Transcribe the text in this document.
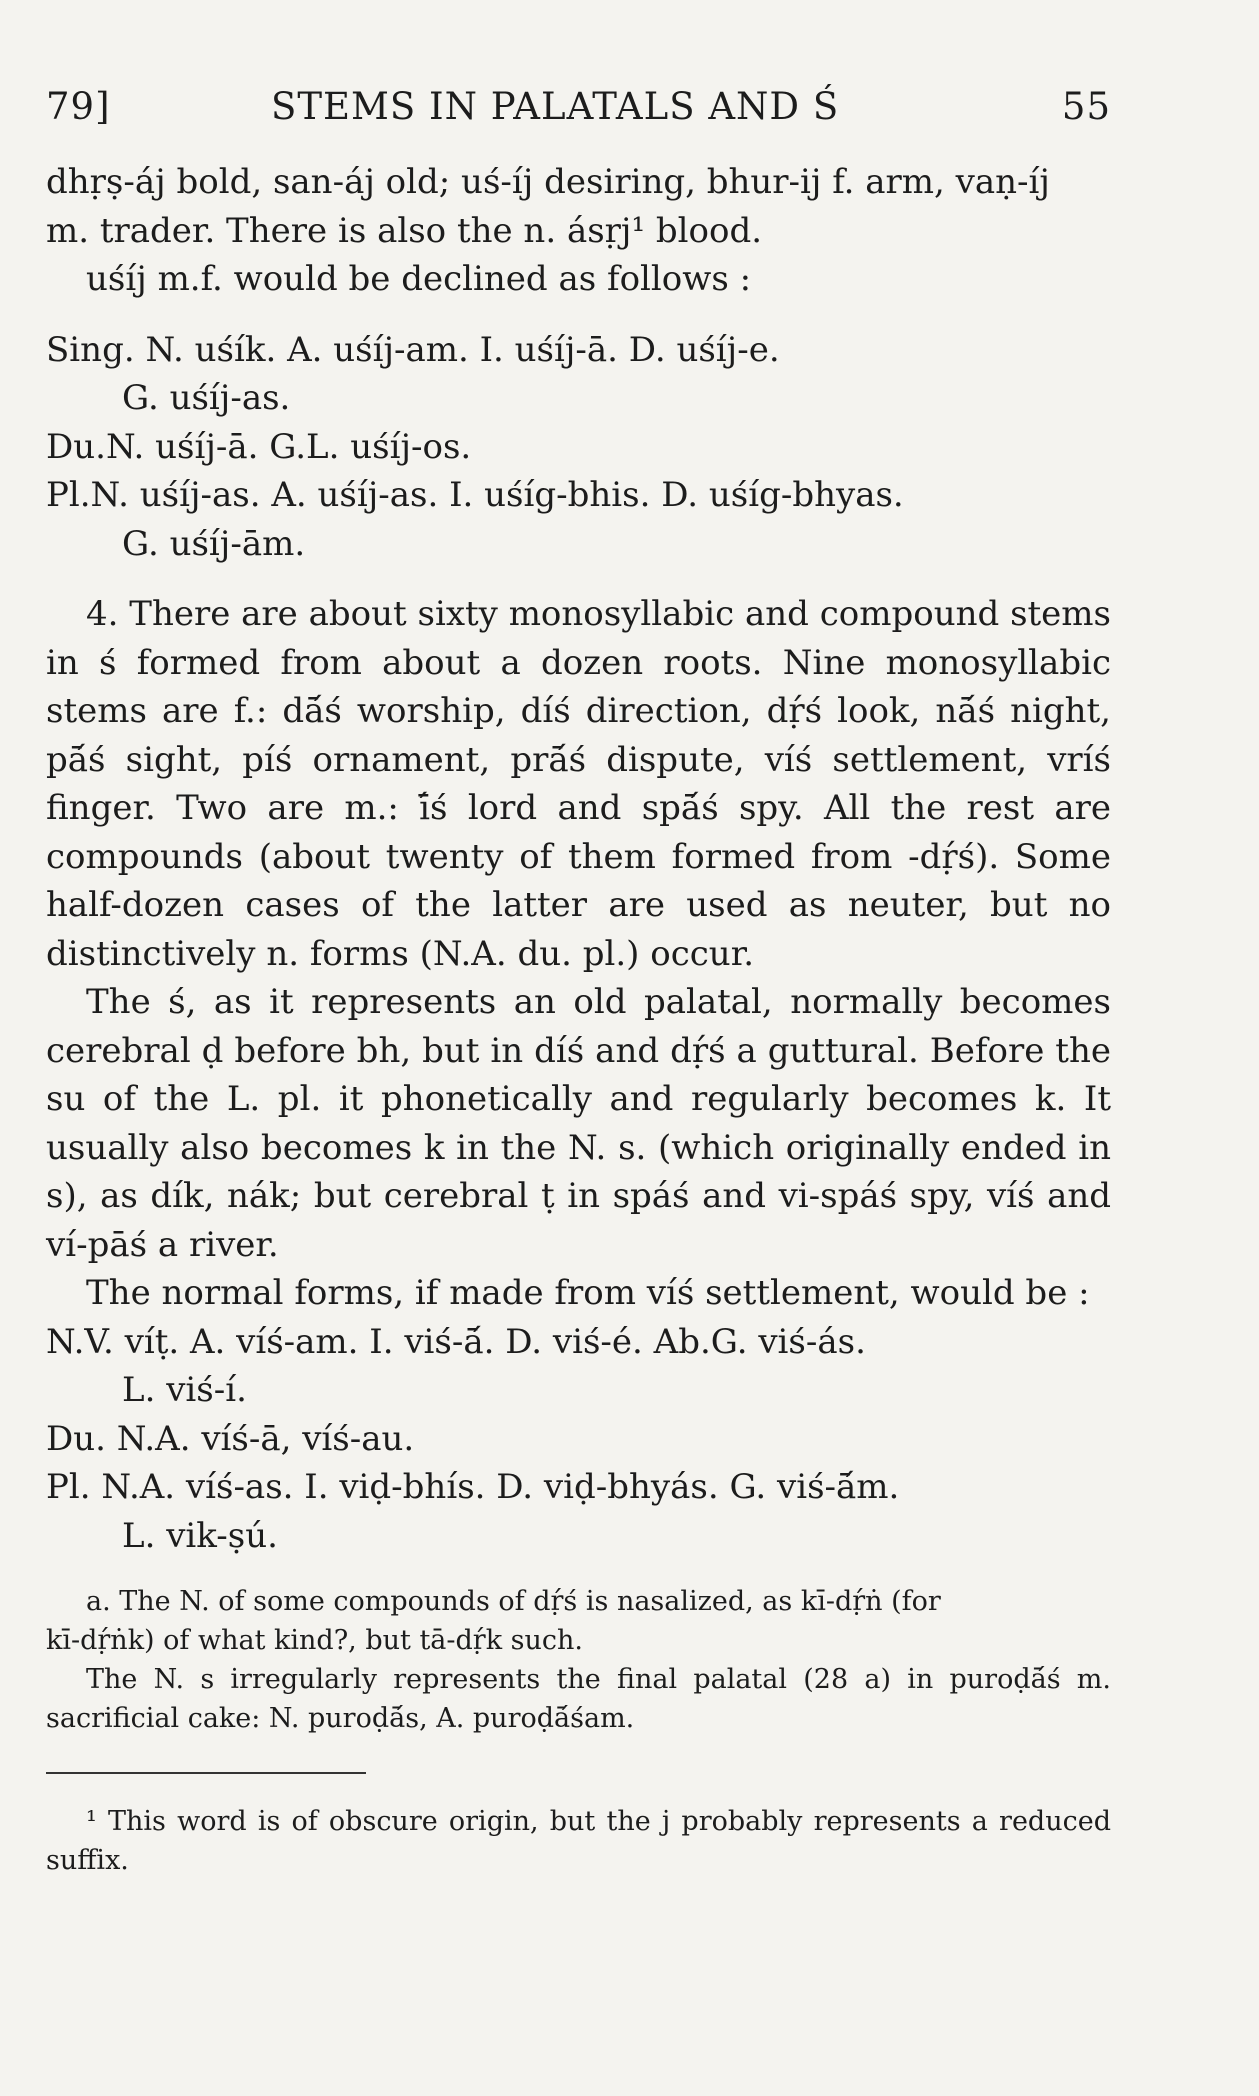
79]	STEMS IN PALATALS AND Ś	55

dhṛṣ-áj bold, san-áj old; uś-íj desiring, bhur-ij f. arm, vaṇ-íj

m. trader. There is also the n. ásṛj¹ blood.

uśíj m.f. would be declined as follows :

Sing. N. uśík. A. uśíj-am. I. uśíj-ā. D. uśíj-e.

G. uśíj-as.

Du.N. uśíj-ā. G.L. uśíj-os.

Pl.N. uśíj-as. A. uśíj-as. I. uśíg-bhis. D. uśíg-bhyas.

G. uśíj-ām.

4. There are about sixty monosyllabic and compound stems in ś formed from about a dozen roots. Nine monosyllabic stems are f.: dā́ś worship, díś direction, dṛ́ś look, nā́ś night, pā́ś sight, píś ornament, prā́ś dispute, víś settlement, vríś finger. Two are m.: ī́ś lord and spā́ś spy. All the rest are compounds (about twenty of them formed from -dṛ́ś). Some half-dozen cases of the latter are used as neuter, but no distinctively n. forms (N.A. du. pl.) occur.

The ś, as it represents an old palatal, normally becomes cerebral ḍ before bh, but in díś and dṛ́ś a guttural. Before the su of the L. pl. it phonetically and regularly becomes k. It usually also becomes k in the N. s. (which originally ended in s), as dík, nák; but cerebral ṭ in spáś and vi-spáś spy, víś and ví-pāś a river.

The normal forms, if made from víś settlement, would be :

N.V. víṭ. A. víś-am. I. viś-ā́. D. viś-é. Ab.G. viś-ás.

L. viś-í.

Du. N.A. víś-ā, víś-au.

Pl. N.A. víś-as. I. viḍ-bhís. D. viḍ-bhyás. G. viś-ā́m.

L. vik-ṣú.

a. The N. of some compounds of dṛ́ś is nasalized, as kī-dṛ́ṅ (for

kī-dṛ́ṅk) of what kind?, but tā-dṛ́k such.

The N. s irregularly represents the final palatal (28 a) in puroḍā́ś m. sacrificial cake: N. puroḍā́s, A. puroḍā́śam.

¹ This word is of obscure origin, but the j probably represents a reduced suffix.
